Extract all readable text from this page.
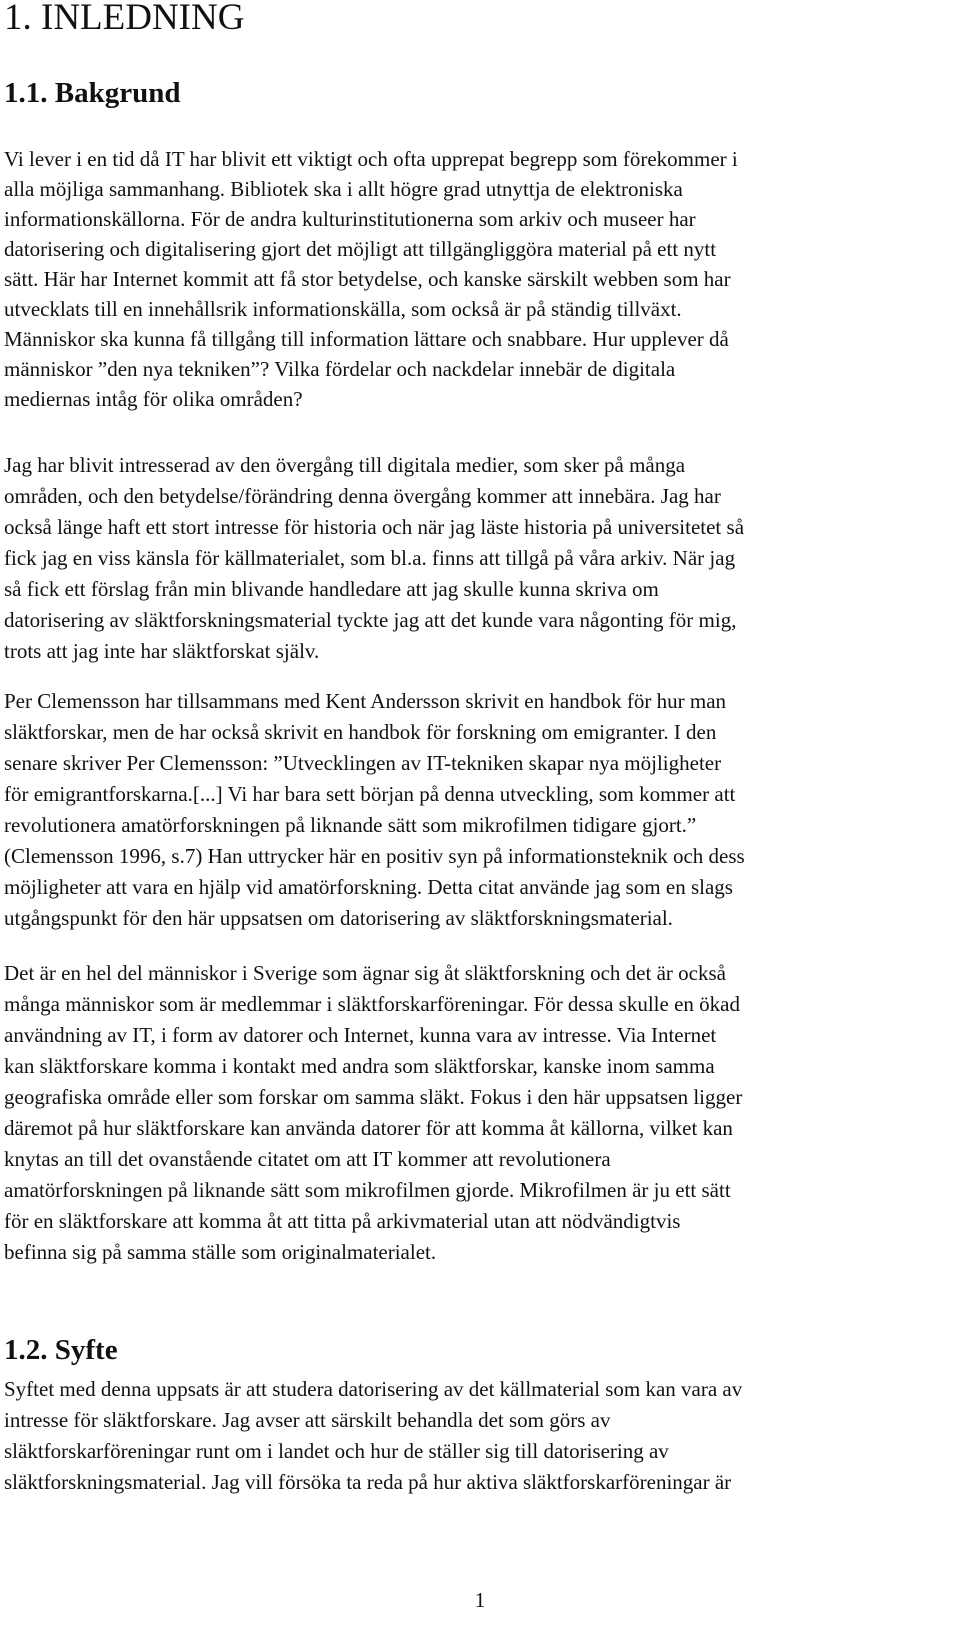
1. INLEDNING
1.1. Bakgrund

Vi lever i en tid då IT har blivit ett viktigt och ofta upprepat begrepp som förekommer i
alla möjliga sammanhang. Bibliotek ska i allt högre grad utnyttja de elektroniska
informationskällorna. För de andra kulturinstitutionerna som arkiv och museer har
datorisering och digitalisering gjort det möjligt att tillgängliggöra material på ett nytt
sätt. Här har Internet kommit att få stor betydelse, och kanske särskilt webben som har
utvecklats till en innehållsrik informationskälla, som också är på ständig tillväxt.
Människor ska kunna få tillgång till information lättare och snabbare. Hur upplever då
människor ”den nya tekniken”? Vilka fördelar och nackdelar innebär de digitala
mediernas intåg för olika områden?

Jag har blivit intresserad av den övergång till digitala medier, som sker på många
områden, och den betydelse/förändring denna övergång kommer att innebära. Jag har
också länge haft ett stort intresse för historia och när jag läste historia på universitetet så
fick jag en viss känsla för källmaterialet, som bl.a. finns att tillgå på våra arkiv. När jag
så fick ett förslag från min blivande handledare att jag skulle kunna skriva om
datorisering av släktforskningsmaterial tyckte jag att det kunde vara någonting för mig,
trots att jag inte har släktforskat själv.

Per Clemensson har tillsammans med Kent Andersson skrivit en handbok för hur man
släktforskar, men de har också skrivit en handbok för forskning om emigranter. I den
senare skriver Per Clemensson: ”Utvecklingen av IT-tekniken skapar nya möjligheter
för emigrantforskarna.[...] Vi har bara sett början på denna utveckling, som kommer att
revolutionera amatörforskningen på liknande sätt som mikrofilmen tidigare gjort.”
(Clemensson 1996, s.7) Han uttrycker här en positiv syn på informationsteknik och dess
möjligheter att vara en hjälp vid amatörforskning. Detta citat använde jag som en slags
utgångspunkt för den här uppsatsen om datorisering av släktforskningsmaterial.

Det är en hel del människor i Sverige som ägnar sig åt släktforskning och det är också
många människor som är medlemmar i släktforskarföreningar. För dessa skulle en ökad
användning av IT, i form av datorer och Internet, kunna vara av intresse. Via Internet
kan släktforskare komma i kontakt med andra som släktforskar, kanske inom samma
geografiska område eller som forskar om samma släkt. Fokus i den här uppsatsen ligger
däremot på hur släktforskare kan använda datorer för att komma åt källorna, vilket kan
knytas an till det ovanstående citatet om att IT kommer att revolutionera
amatörforskningen på liknande sätt som mikrofilmen gjorde. Mikrofilmen är ju ett sätt
för en släktforskare att komma åt att titta på arkivmaterial utan att nödvändigtvis
befinna sig på samma ställe som originalmaterialet.

1.2. Syfte

Syftet med denna uppsats är att studera datorisering av det källmaterial som kan vara av
intresse för släktforskare. Jag avser att särskilt behandla det som görs av
släktforskarföreningar runt om i landet och hur de ställer sig till datorisering av
släktforskningsmaterial. Jag vill försöka ta reda på hur aktiva släktforskarföreningar är

1
